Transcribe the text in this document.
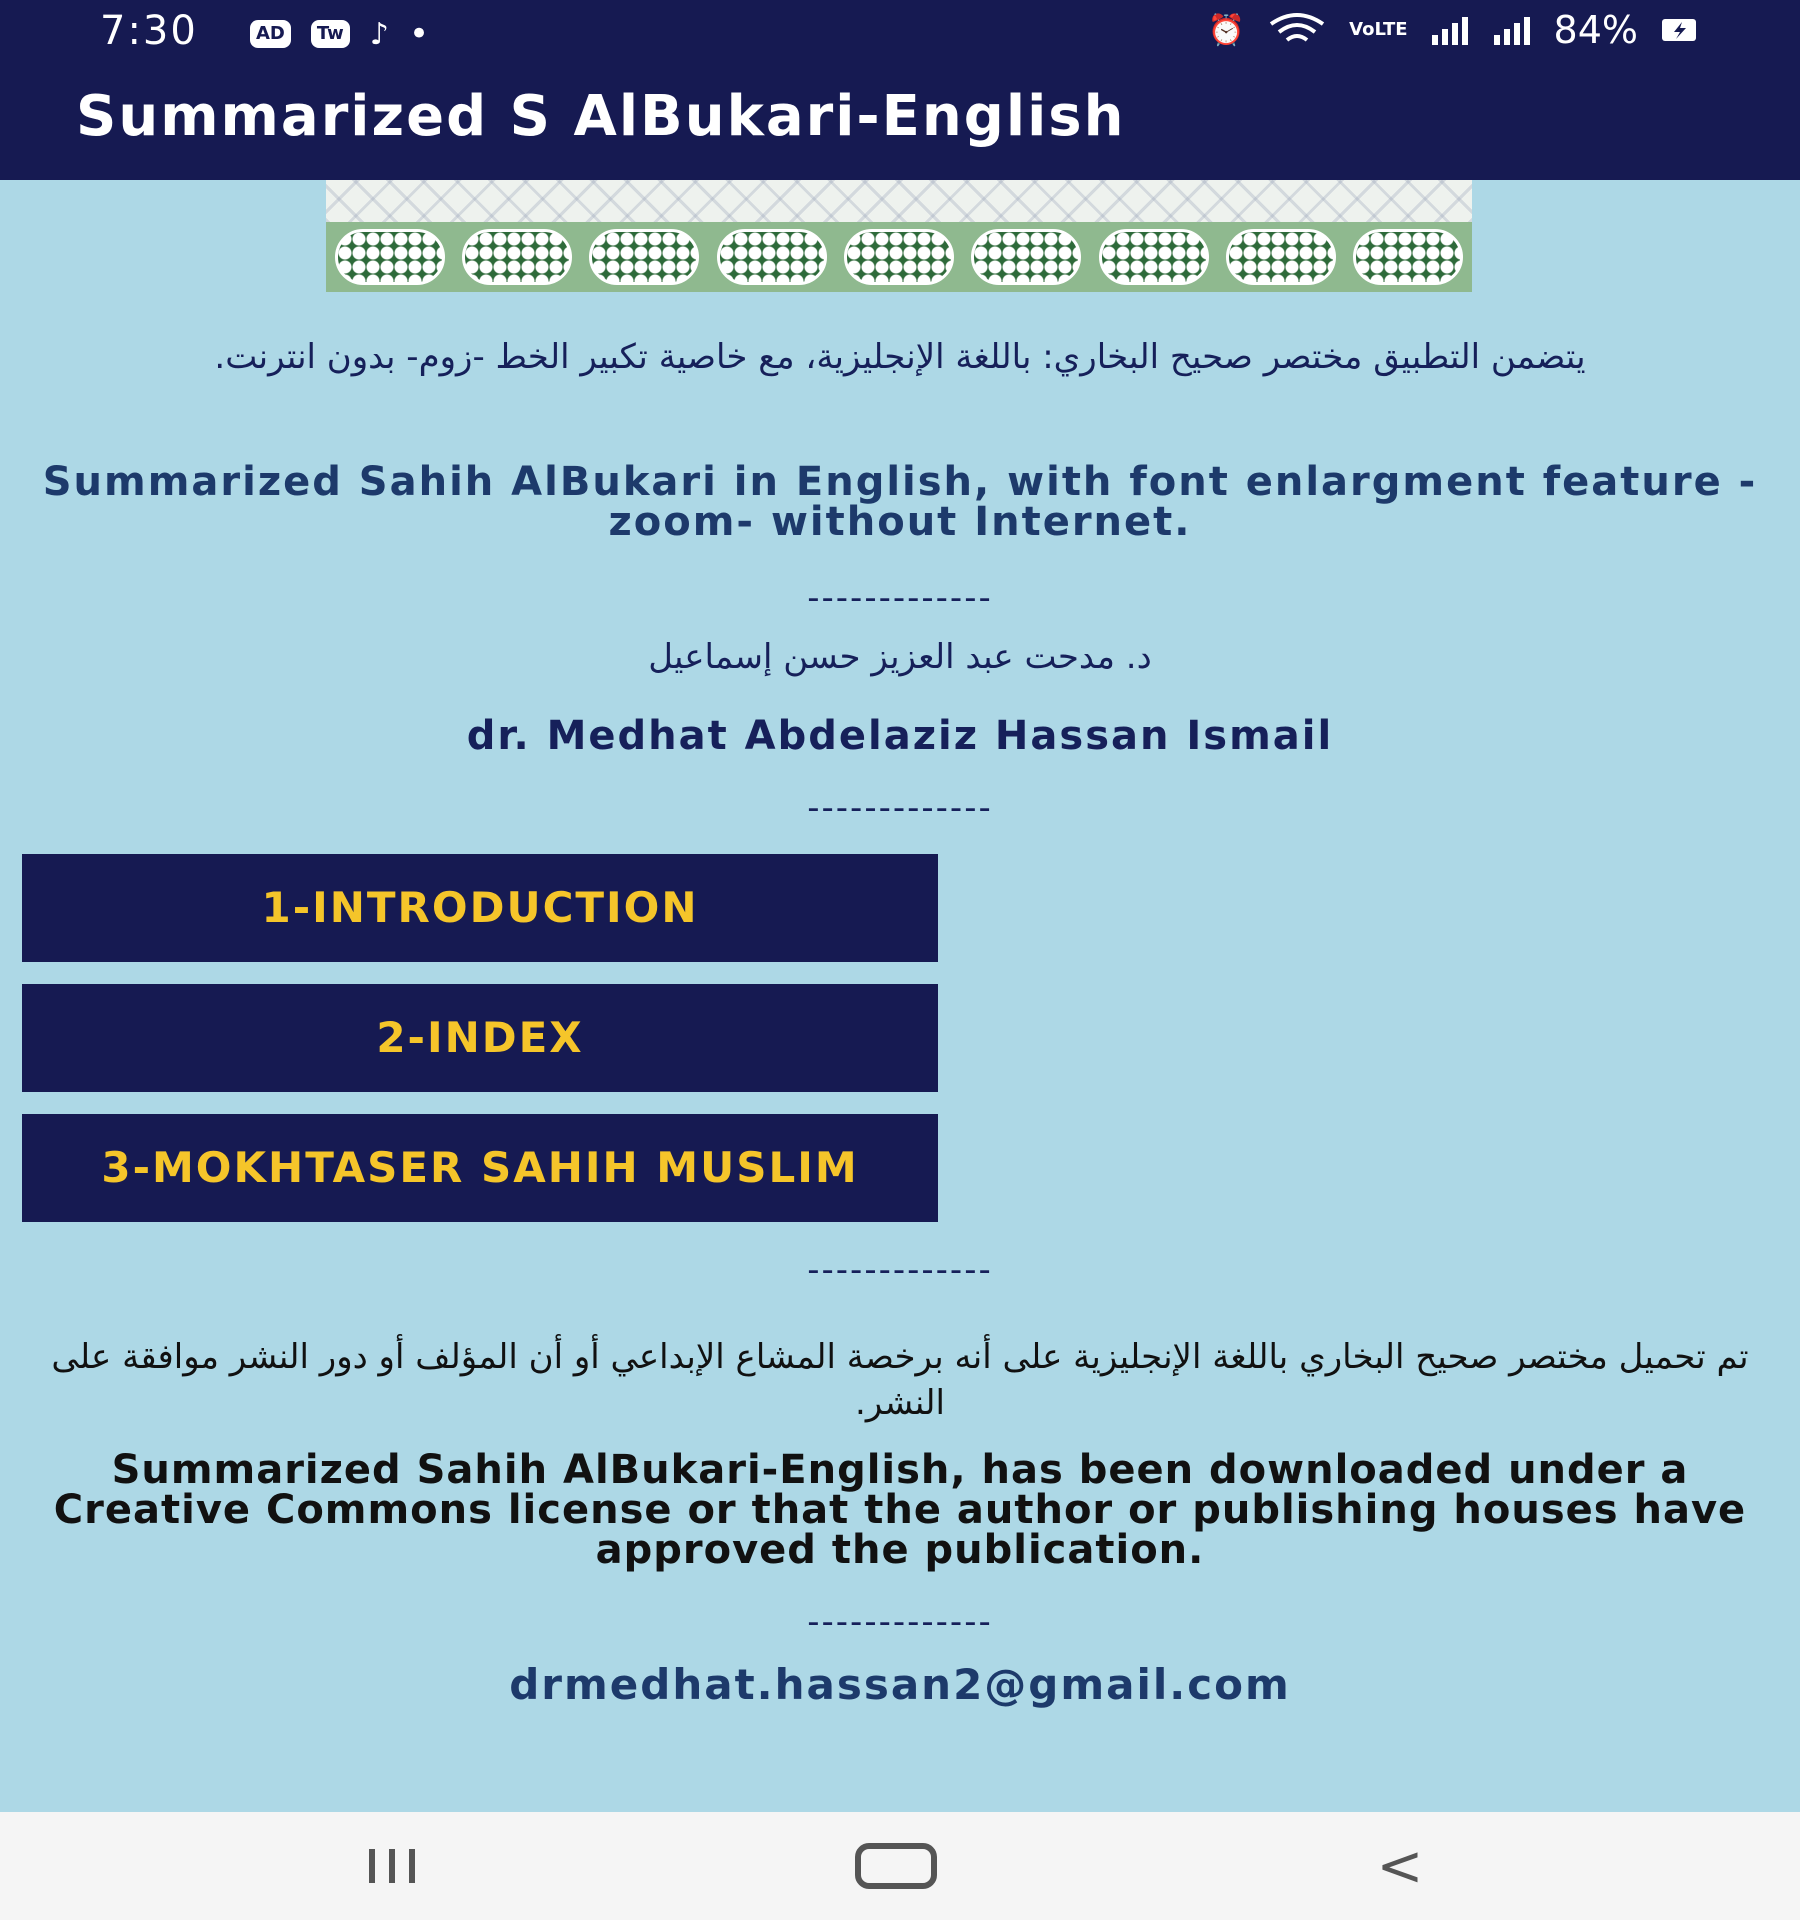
7:30	AD	Tw ♪ •	⏰	VoLTE	84%
Summarized S AlBukari-English
يتضمن التطبيق مختصر صحيح البخاري: باللغة الإنجليزية، مع خاصية تكبير الخط -زوم- بدون انترنت.
Summarized Sahih AlBukari in English, with font enlargment feature -zoom- without Internet.
-------------
د. مدحت عبد العزيز حسن إسماعيل
dr. Medhat Abdelaziz Hassan Ismail
-------------
1-INTRODUCTION
2-INDEX
3-MOKHTASER SAHIH MUSLIM
-------------
تم تحميل مختصر صحيح البخاري باللغة الإنجليزية على أنه برخصة المشاع الإبداعي أو أن المؤلف أو دور النشر موافقة على النشر.
Summarized Sahih AlBukari-English, has been downloaded under a Creative Commons license or that the author or publishing houses have approved the publication.
-------------
drmedhat.hassan2@gmail.com
<
